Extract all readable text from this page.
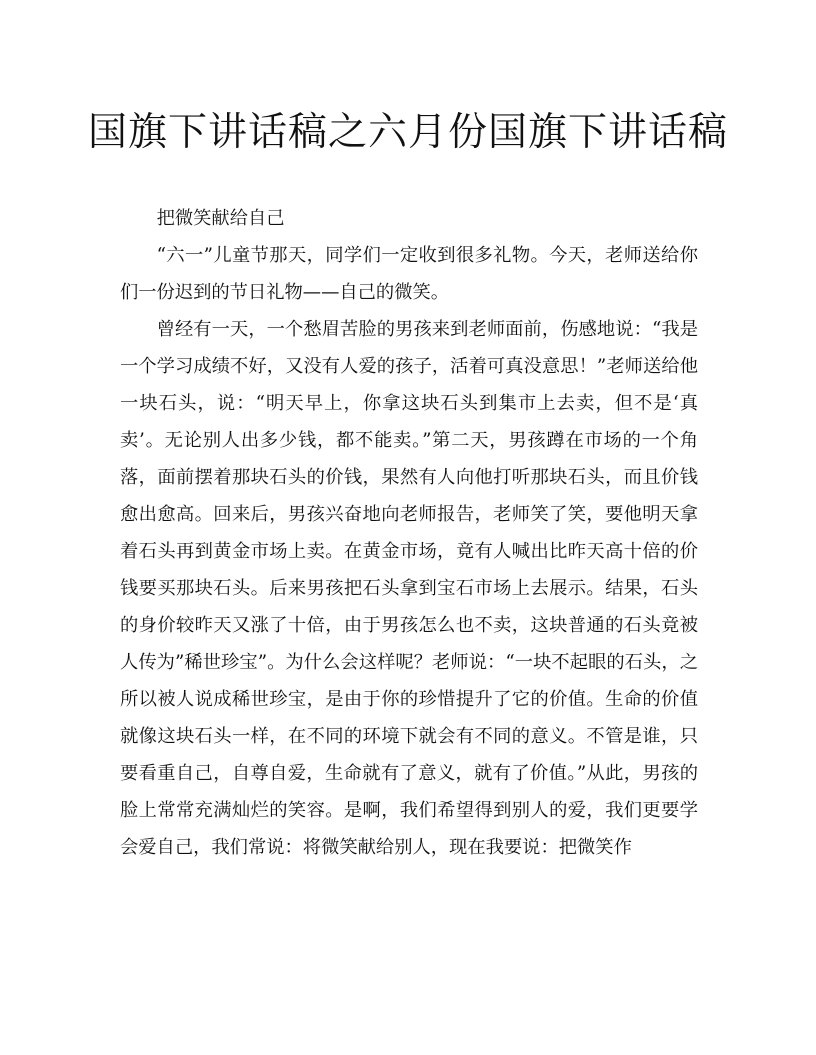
国旗下讲话稿之六月份国旗下讲话稿

把微笑献给自己

“六一”儿童节那天，同学们一定收到很多礼物。今天，老师送给你们一份迟到的节日礼物——自己的微笑。

曾经有一天，一个愁眉苦脸的男孩来到老师面前，伤感地说：“我是一个学习成绩不好，又没有人爱的孩子，活着可真没意思！”老师送给他一块石头，说：“明天早上，你拿这块石头到集市上去卖，但不是‘真卖’。无论别人出多少钱，都不能卖。”第二天，男孩蹲在市场的一个角落，面前摆着那块石头的价钱，果然有人向他打听那块石头，而且价钱愈出愈高。回来后，男孩兴奋地向老师报告，老师笑了笑，要他明天拿着石头再到黄金市场上卖。在黄金市场，竟有人喊出比昨天高十倍的价钱要买那块石头。后来男孩把石头拿到宝石市场上去展示。结果，石头的身价较昨天又涨了十倍，由于男孩怎么也不卖，这块普通的石头竟被人传为”稀世珍宝”。为什么会这样呢？老师说：“一块不起眼的石头，之所以被人说成稀世珍宝，是由于你的珍惜提升了它的价值。生命的价值就像这块石头一样，在不同的环境下就会有不同的意义。不管是谁，只要看重自己，自尊自爱，生命就有了意义，就有了价值。”从此，男孩的脸上常常充满灿烂的笑容。是啊，我们希望得到别人的爱，我们更要学会爱自己，我们常说：将微笑献给别人，现在我要说：把微笑作
